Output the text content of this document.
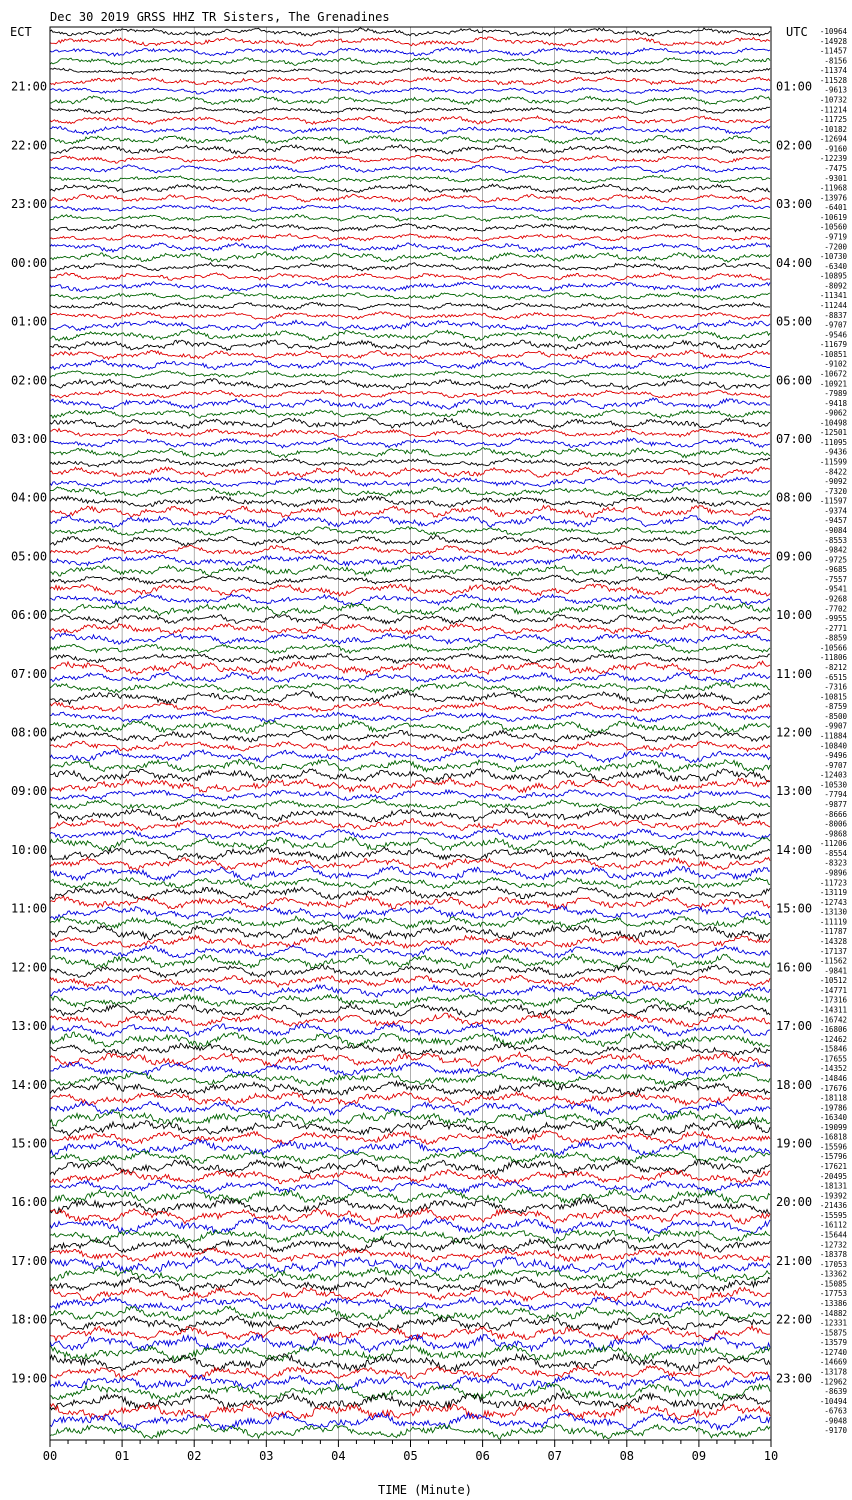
Dec 30 2019 GRSS HHZ TR Sisters, The Grenadines
ECT	UTC
21:00
22:00
23:00
00:00
01:00
02:00
03:00
04:00
05:00
06:00
07:00
08:00
09:00
10:00
11:00
12:00
13:00
14:00
15:00
16:00
17:00
18:00
19:00
01:00
02:00
03:00
04:00
05:00
06:00
07:00
08:00
09:00
10:00
11:00
12:00
13:00
14:00
15:00
16:00
17:00
18:00
19:00
20:00
21:00
22:00
23:00
-10964
-14928
-11457
-8156
-11374
-11528
-9613
-10732
-11214
-11725
-10182
-12694
-9160
-12239
-7475
-9301
-11968
-13976
-6401
-10619
-10560
-9719
-7200
-10730
-6340
-10895
-8092
-11341
-11244
-8837
-9707
-9546
-11679
-10851
-9102
-10672
-10921
-7989
-9418
-9062
-10498
-12501
-11095
-9436
-11599
-8422
-9092
-7320
-11597
-9374
-9457
-9084
-8553
-9842
-9725
-9685
-7557
-9541
-9268
-7702
-9955
-2771
-8859
-10566
-11806
-8212
-6515
-7316
-10815
-8759
-8500
-9907
-11884
-10840
-9496
-9707
-12403
-10530
-7794
-9877
-8666
-8006
-9868
-11206
-8554
-8323
-9896
-11723
-13119
-12743
-13130
-11119
-11787
-14328
-17137
-11562
-9841
-10512
-14771
-17316
-14311
-16742
-16806
-12462
-15846
-17655
-14352
-14846
-17676
-18118
-19786
-16340
-19099
-16818
-15596
-15796
-17621
-20495
-18131
-19392
-21436
-15595
-16112
-15644
-12732
-18378
-17053
-13362
-15085
-17753
-13386
-14882
-12331
-15875
-13579
-12740
-14669
-13178
-12962
-8639
-10494
-6763
-9048
-9170
00	01	02	03	04	05	06	07	08	09	10
TIME (Minute)
